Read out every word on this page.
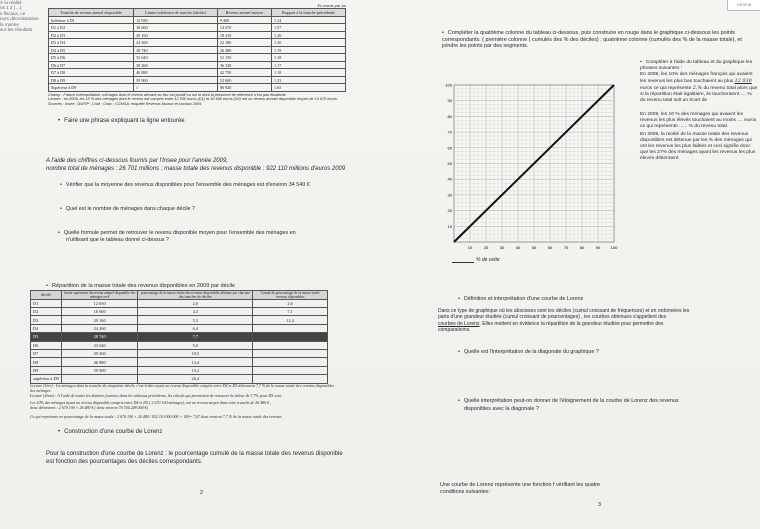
comma
À la réalité
ns 1 2 (…)
s fiscaux, ce
eurs décroissantes
la manne
sur les résultats
En euros par an
Tranche de revenu annuel disponible	Limite inférieure de tranche (décile)	Revenu annuel moyen	Rapport à la tranche précédente
Inférieur à D1	12 030	9 400	1.24
D1 à D2	16 660	14 670	1.57
D2 à D3	20 160	18 410	1.26
D3 à D4	24 260	22 180	1.20
D4 à D5	28 740	26 480	1.19
D5 à D6	33 640	31 150	1.18
D6 à D7	39 260	36 330	1.17
D7 à D8	46 880	42 750	1.18
D8 à D9	59 900	52 600	1.23
Supérieur à D9	//	86 920	1.65
Champ : France métropolitaine, ménages dont le revenu déclaré au fisc est positif ou nul et dont la personne de référence n'est pas étudiante.
Lecture : en 2009, les 10 % des ménages dont le revenu est compris entre 12 030 euros (D1) et 16 660 euros (D2) ont un revenu annuel disponible moyen de 14 670 euros.
Sources : Insee ; DGFiP ; Cnaf ; Cnav ; CCMSA, enquête Revenus fiscaux et sociaux 2009.
• Compléter la quatrième colonne du tableau ci-dessous, puis construire en rouge dans le graphique ci-dessous les points correspondants. ( première colonne ( cumulés des % des déciles) ; quatrième colonne (cumulés des % de la masse totale), et joindre les points par des segments.
• Faire une phrase expliquant la ligne entourée
A l'aide des chiffres ci-dessous fournis par l'Insee pour l'année 2009,
nombre total de ménages : 26 701 millions ; masse totale des revenus disponible : 922 110 millions d'euros 2009
• Vérifier que la moyenne des revenus disponibles pour l'ensemble des ménages est d'environ 34 540 €
• Quel est le nombre de ménages dans chaque décile ?
• Quelle formule permet de retrouver le revenu disponible moyen pour l'ensemble des ménages en
n'utilisant que le tableau donné ci-dessus ?
10	20	30	40	50	60	70	80	90	100
100
90
80
70
60
50
40
30
20
10
% de cette
• Compléter à l'aide du tableau et du graphique les phrases suivantes :
En 2009, les 10% des ménages français qui avaient les revenus les plus bas touchaient au plus 12 030 euros ce qui représente 2,% du revenu total alors que si la répartition était égalitaire, ils toucheraient .... % du revenu total soit un écart de
En 2009, les 10 % des ménages qui avaient les revenus les plus élevés touchaient au moins .... euros ce qui représente ...... % du revenu total.
En 2009, la moitié de la masse totale des revenus disponibles est détenue par les % des ménages qui ont les revenus les plus faibles et ceci signifie donc que les 27% des ménages ayant les revenus les plus élevés détiennent
• Répartition de la masse totale des revenus disponibles en 2009 par décile
décile	limite supérieure du revenu annuel disponible des ménages en €	pourcentage de la masse totale des revenus disponibles détenue par chacune des tranches de déciles	Cumul du pourcentage de la masse totale revenus disponibles
D1	12 030	2,6	2,6
D2	16 660	4,3	7,1
D3	20 160	5,3	12,4
D4	24 260	6,4	
D5	28 740	7,7	
D6	33 640	9,0	
D7	39 260	10,5	
D8	46 880	12,4	
D9	59 900	15,2	
supérieur à D9		26,4	
Lecture (1ère) : les ménages dans la tranche du cinquième décile, c'est-à-dire ayant un revenu disponible compris entre D4 et D5 détiennent 7,7 % de la masse totale des revenus disponibles des ménages.
Lecture (2ème) : A l'aide de toutes les données fournies dans les tableaux précédents, les calculs qui permettent de retrouver la valeur de 7,7% pour D5 sont :
Les 10% des ménages ayant un revenu disponible compris entre D4 et D5 ( 2 670 100 ménages), ont un revenu moyen dans cette tranche de 26 480 € ,
donc détiennent : 2 670 100 × 26 480 € ( donc environ 70 704 248 000 €)
Ce qui représente en pourcentage de la masse totale : 2 670 100 × 26 480 / 922 110 000 000 × 100= 7,67 donc environ 7,7 % de la masse totale des revenus
• Définition et interprétation d'une courbe de Lorenz
Dans ce type de graphique où les abscisses sont les déciles (cumul croissant de fréquences) et en ordonnées les
parts d'une grandeur étudiée (cumul croissant de pourcentages) , les courbes obtenues s'appellent des
courbes de Lorenz. Elles mettent en évidence la répartition de la grandeur étudiée pour permettre des
comparaisons.
• Quelle est l'interprétation de la diagonale du graphique ?
• Quelle interprétation peut-on donner de l'éloignement de la courbe de Lorenz des revenus
disponibles avec la diagonale ?
• Construction d'une courbe de Lorenz
Pour la construction d'une courbe de Lorenz : le pourcentage cumulé de la masse totale des revenus disponible
est fonction des pourcentages des déciles correspondants.
2
Une courbe de Lorenz représente une fonction f vérifiant les quatre
conditions suivantes :
3
